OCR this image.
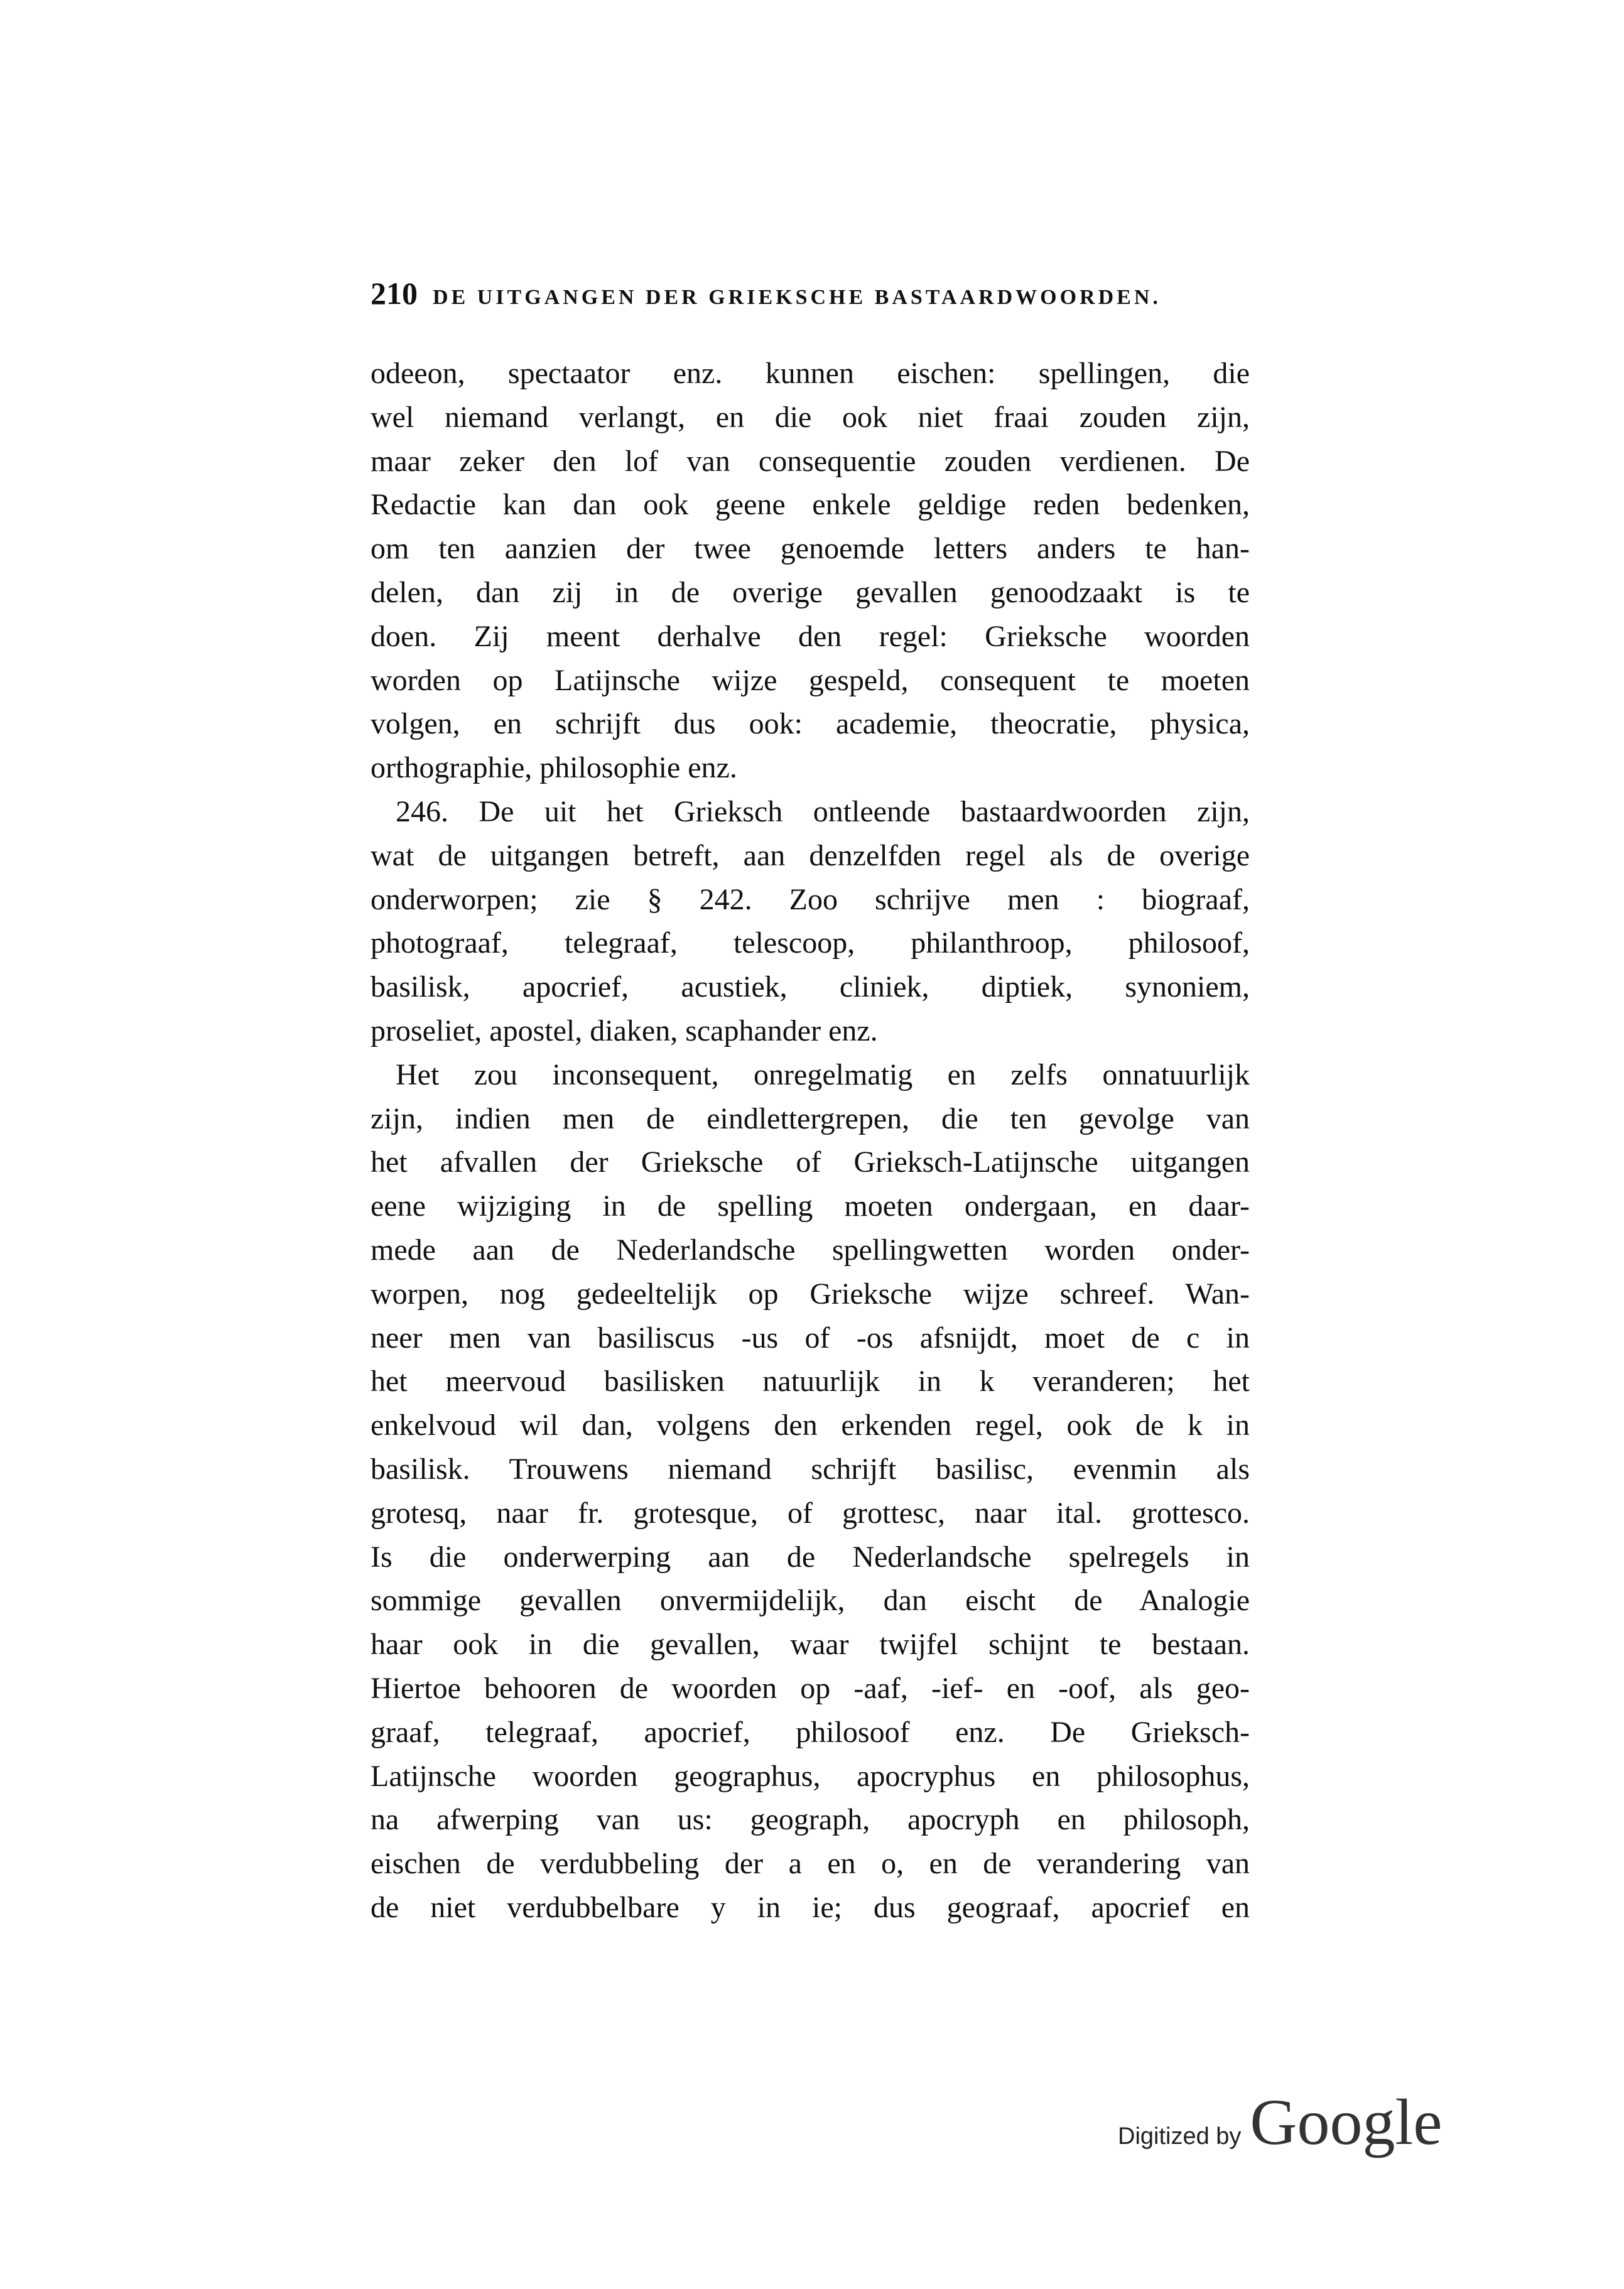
210 DE UITGANGEN DER GRIEKSCHE BASTAARDWOORDEN.
odeeon, spectaator enz. kunnen eischen: spellingen, die
wel niemand verlangt, en die ook niet fraai zouden zijn,
maar zeker den lof van consequentie zouden verdienen. De
Redactie kan dan ook geene enkele geldige reden bedenken,
om ten aanzien der twee genoemde letters anders te han-
delen, dan zij in de overige gevallen genoodzaakt is te
doen. Zij meent derhalve den regel: Grieksche woorden
worden op Latijnsche wijze gespeld, consequent te moeten
volgen, en schrijft dus ook: academie, theocratie, physica,
orthographie, philosophie enz.
246. De uit het Grieksch ontleende bastaardwoorden zijn,
wat de uitgangen betreft, aan denzelfden regel als de overige
onderworpen; zie § 242. Zoo schrijve men : biograaf,
photograaf, telegraaf, telescoop, philanthroop, philosoof,
basilisk, apocrief, acustiek, cliniek, diptiek, synoniem,
proseliet, apostel, diaken, scaphander enz.
Het zou inconsequent, onregelmatig en zelfs onnatuurlijk
zijn, indien men de eindlettergrepen, die ten gevolge van
het afvallen der Grieksche of Grieksch-Latijnsche uitgangen
eene wijziging in de spelling moeten ondergaan, en daar-
mede aan de Nederlandsche spellingwetten worden onder-
worpen, nog gedeeltelijk op Grieksche wijze schreef. Wan-
neer men van basiliscus -us of -os afsnijdt, moet de c in
het meervoud basilisken natuurlijk in k veranderen; het
enkelvoud wil dan, volgens den erkenden regel, ook de k in
basilisk. Trouwens niemand schrijft basilisc, evenmin als
grotesq, naar fr. grotesque, of grottesc, naar ital. grottesco.
Is die onderwerping aan de Nederlandsche spelregels in
sommige gevallen onvermijdelijk, dan eischt de Analogie
haar ook in die gevallen, waar twijfel schijnt te bestaan.
Hiertoe behooren de woorden op -aaf, -ief- en -oof, als geo-
graaf, telegraaf, apocrief, philosoof enz. De Grieksch-
Latijnsche woorden geographus, apocryphus en philosophus,
na afwerping van us: geograph, apocryph en philosoph,
eischen de verdubbeling der a en o, en de verandering van
de niet verdubbelbare y in ie; dus geograaf, apocrief en
Digitized by Google
